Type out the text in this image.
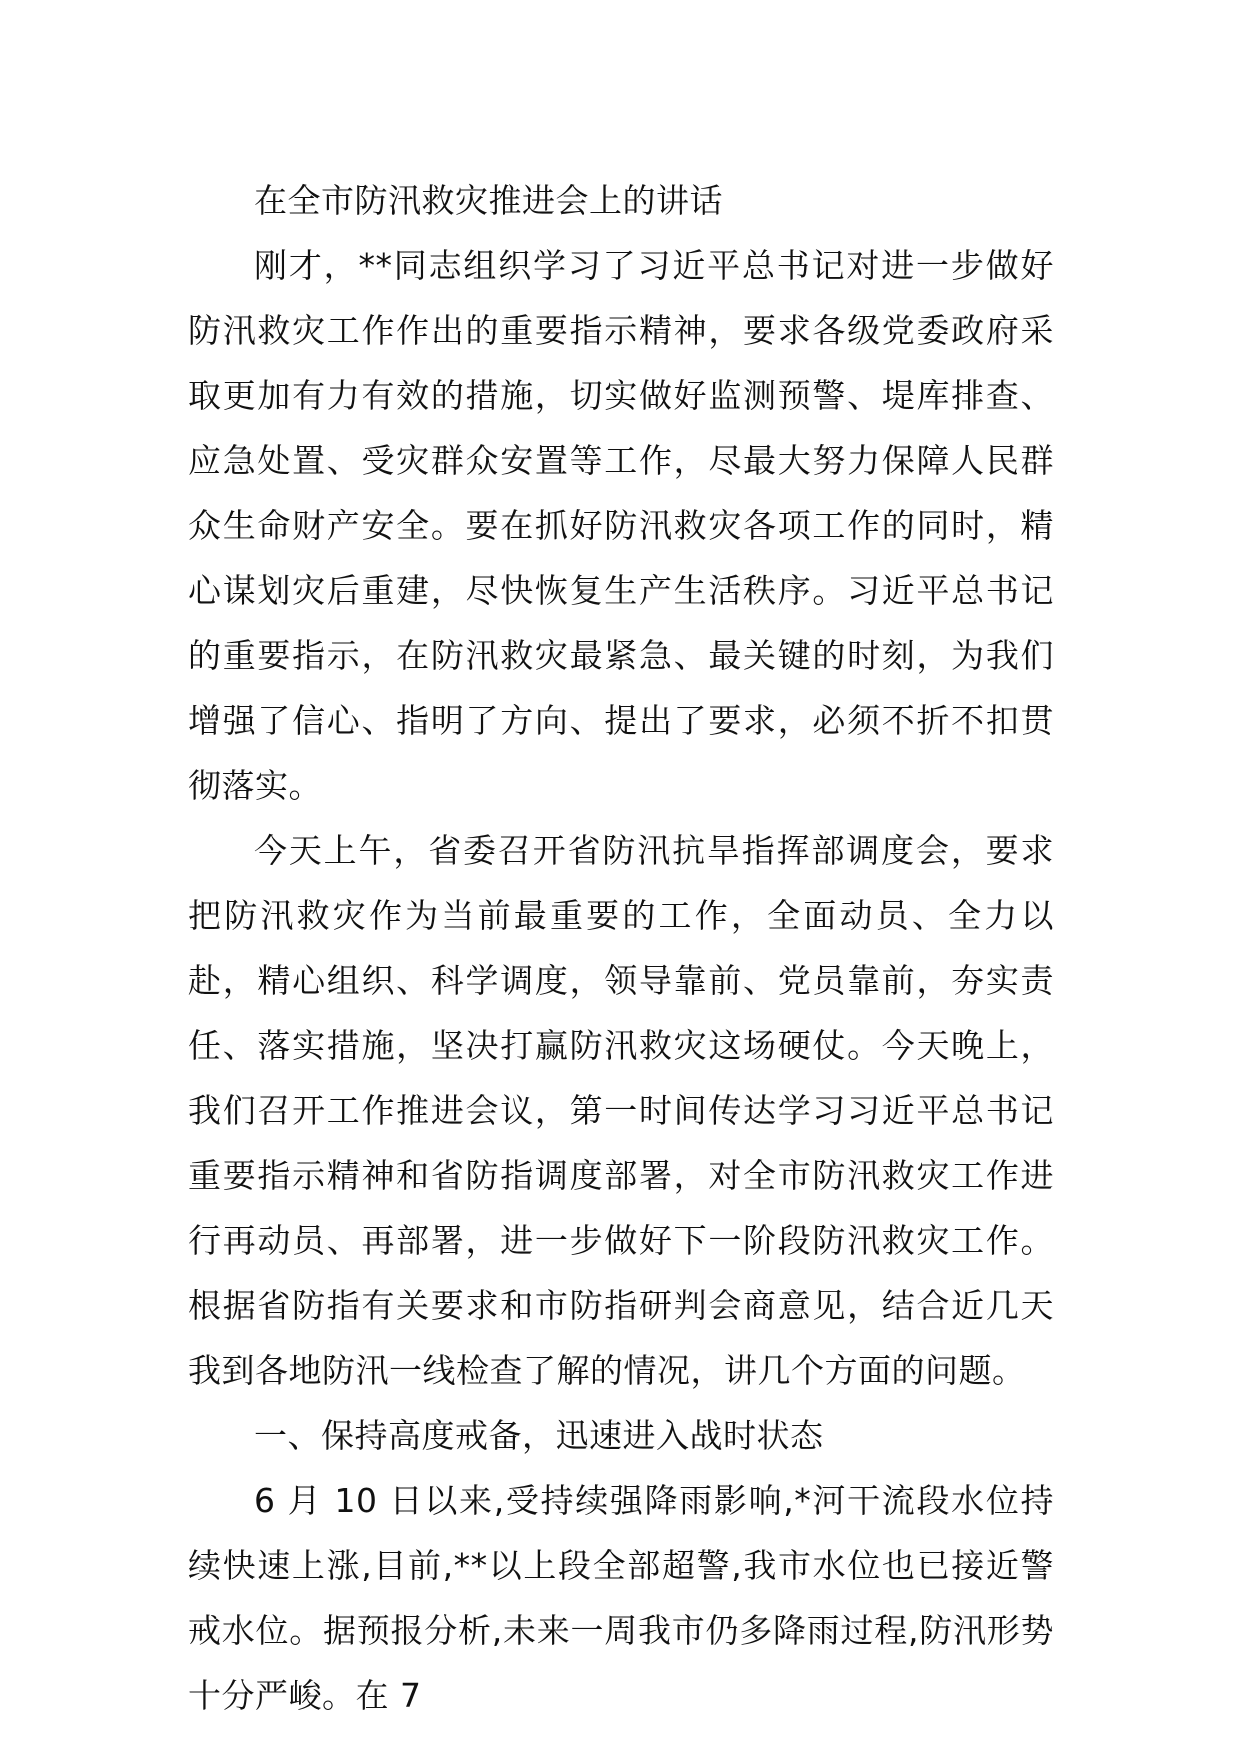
在全市防汛救灾推进会上的讲话

刚才，**同志组织学习了习近平总书记对进一步做好防汛救灾工作作出的重要指示精神，要求各级党委政府采取更加有力有效的措施，切实做好监测预警、堤库排查、应急处置、受灾群众安置等工作，尽最大努力保障人民群众生命财产安全。要在抓好防汛救灾各项工作的同时，精心谋划灾后重建，尽快恢复生产生活秩序。习近平总书记的重要指示，在防汛救灾最紧急、最关键的时刻，为我们增强了信心、指明了方向、提出了要求，必须不折不扣贯彻落实。

今天上午，省委召开省防汛抗旱指挥部调度会，要求把防汛救灾作为当前最重要的工作，全面动员、全力以赴，精心组织、科学调度，领导靠前、党员靠前，夯实责任、落实措施，坚决打赢防汛救灾这场硬仗。今天晚上，我们召开工作推进会议，第一时间传达学习习近平总书记重要指示精神和省防指调度部署，对全市防汛救灾工作进行再动员、再部署，进一步做好下一阶段防汛救灾工作。根据省防指有关要求和市防指研判会商意见，结合近几天我到各地防汛一线检查了解的情况，讲几个方面的问题。

一、保持高度戒备，迅速进入战时状态

6 月 10 日以来,受持续强降雨影响,*河干流段水位持续快速上涨,目前,**以上段全部超警,我市水位也已接近警戒水位。据预报分析,未来一周我市仍多降雨过程,防汛形势十分严峻。在 7
